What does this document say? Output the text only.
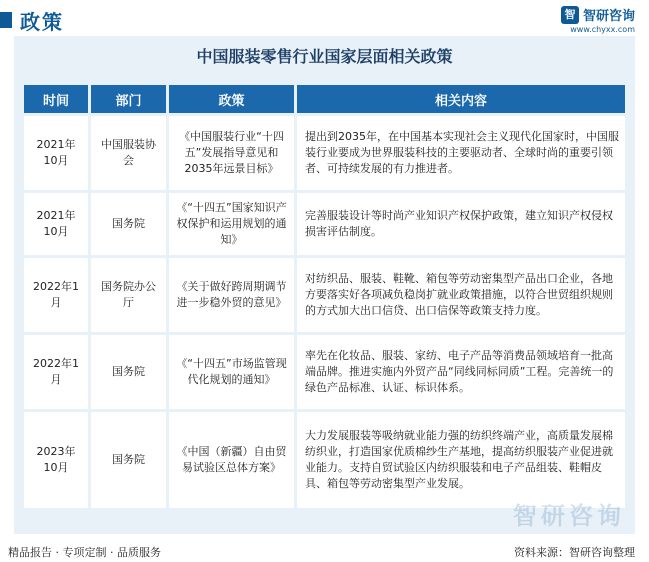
政策	智 智研咨询
www.chyxx.com
中国服装零售行业国家层面相关政策
时间	部门	政策	相关内容
2021年10月	中国服装协会	《中国服装行业“十四五”发展指导意见和2035年远景目标》	提出到2035年，在中国基本实现社会主义现代化国家时，中国服装行业要成为世界服装科技的主要驱动者、全球时尚的重要引领者、可持续发展的有力推进者。
2021年10月	国务院	《“十四五”国家知识产权保护和运用规划的通知》	完善服装设计等时尚产业知识产权保护政策，建立知识产权侵权损害评估制度。
2022年1月	国务院办公厅	《关于做好跨周期调节进一步稳外贸的意见》	对纺织品、服装、鞋靴、箱包等劳动密集型产品出口企业，各地方要落实好各项减负稳岗扩就业政策措施，以符合世贸组织规则的方式加大出口信贷、出口信保等政策支持力度。
2022年1月	国务院	《“十四五”市场监管现代化规划的通知》	率先在化妆品、服装、家纺、电子产品等消费品领域培育一批高端品牌。推进实施内外贸产品“同线同标同质”工程。完善统一的绿色产品标准、认证、标识体系。
2023年10月	国务院	《中国（新疆）自由贸易试验区总体方案》	大力发展服装等吸纳就业能力强的纺织终端产业，高质量发展棉纺织业，打造国家优质棉纱生产基地，提高纺织服装产业促进就业能力。支持自贸试验区内纺织服装和电子产品组装、鞋帽皮具、箱包等劳动密集型产业发展。
智研咨询
精品报告 · 专项定制 · 品质服务	资料来源：智研咨询整理
